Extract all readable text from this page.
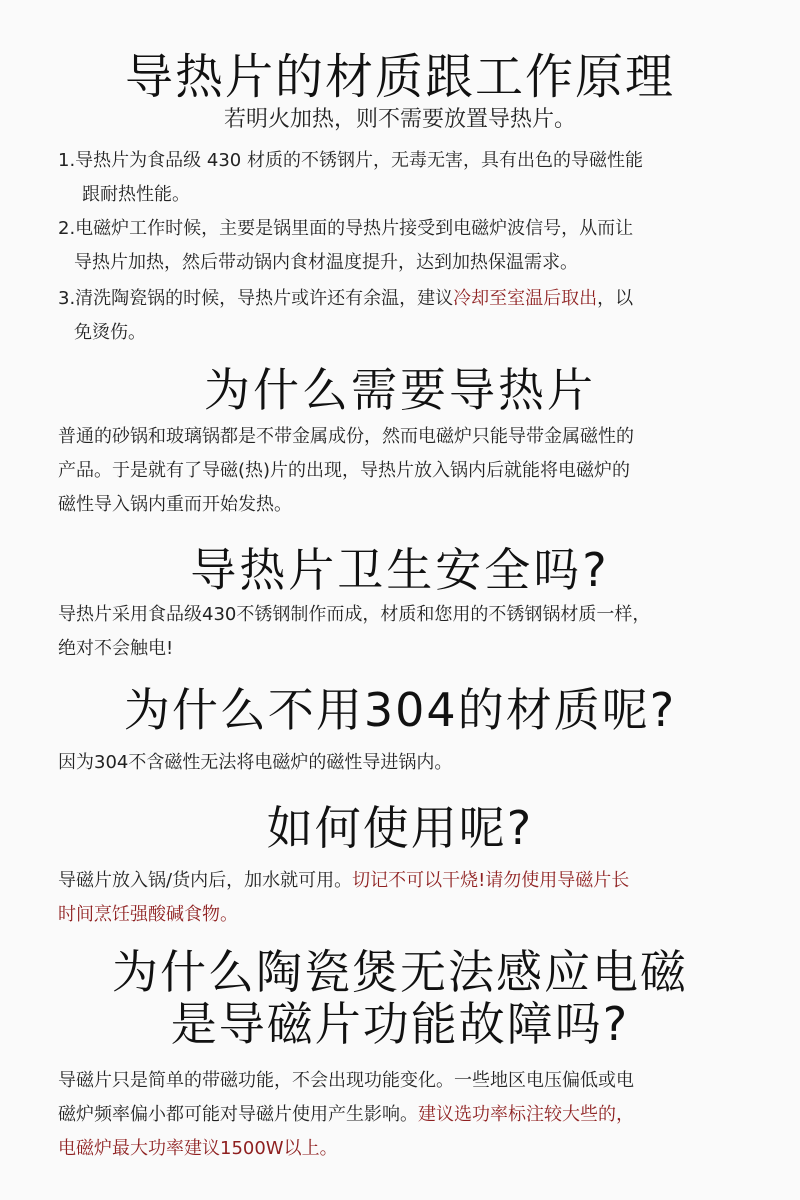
导热片的材质跟工作原理
若明火加热，则不需要放置导热片。
1.导热片为食品级 430 材质的不锈钢片，无毒无害，具有出色的导磁性能
跟耐热性能。
2.电磁炉工作时候，主要是锅里面的导热片接受到电磁炉波信号，从而让
导热片加热，然后带动锅内食材温度提升，达到加热保温需求。
3.清洗陶瓷锅的时候，导热片或许还有余温，建议冷却至室温后取出，以
免烫伤。
为什么需要导热片
普通的砂锅和玻璃锅都是不带金属成份，然而电磁炉只能导带金属磁性的
产品。于是就有了导磁(热)片的出现，导热片放入锅内后就能将电磁炉的
磁性导入锅内重而开始发热。
导热片卫生安全吗?
导热片采用食品级430不锈钢制作而成，材质和您用的不锈钢锅材质一样，
绝对不会触电!
为什么不用304的材质呢?
因为304不含磁性无法将电磁炉的磁性导进锅内。
如何使用呢?
导磁片放入锅/货内后，加水就可用。切记不可以干烧!请勿使用导磁片长
时间烹饪强酸碱食物。
为什么陶瓷煲无法感应电磁
是导磁片功能故障吗?
导磁片只是简单的带磁功能，不会出现功能变化。一些地区电压偏低或电
磁炉频率偏小都可能对导磁片使用产生影响。建议选功率标注较大些的，
电磁炉最大功率建议1500W以上。
